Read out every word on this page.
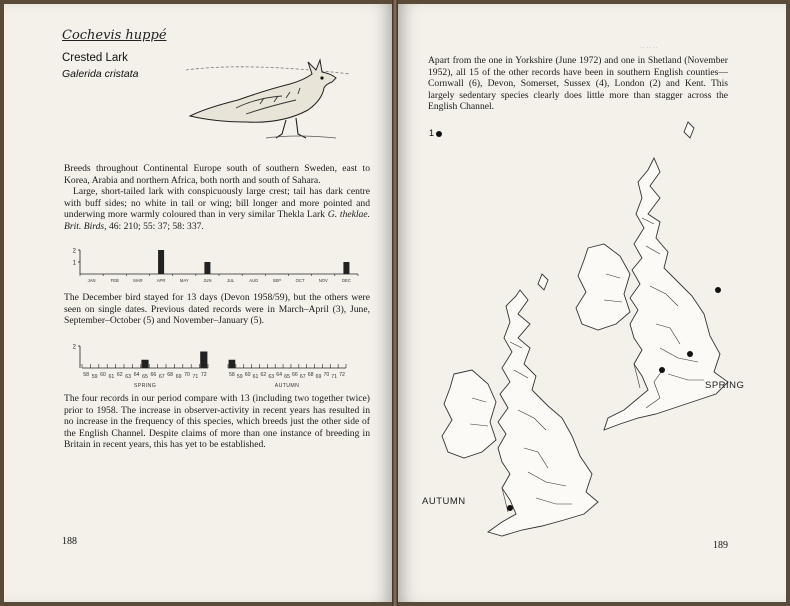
Cochevis huppé
Crested Lark
Galerida cristata

Breeds throughout Continental Europe south of southern Sweden, east to Korea, Arabia and northern Africa, both north and south of Sahara.

Large, short-tailed lark with conspicuously large crest; tail has dark centre with buff sides; no white in tail or wing; bill longer and more pointed and underwing more warmly coloured than in very similar Thekla Lark G. theklae. Brit. Birds, 46: 210; 55: 37; 58: 337.

1
2
JAN	FEB	MAR	APR	MAY	JUN	JUL	AUG	SEP	OCT	NOV	DEC
The December bird stayed for 13 days (Devon 1958/59), but the others were seen on single dates. Previous dated records were in March–April (3), June, September–October (5) and November–January (5).
2
58 59 60 61 62 63 64 65 66 67 68 69 70 71 72
SPRING
58 59 60 61 62 63 64 65 66 67 68 69 70 71 72
AUTUMN
The four records in our period compare with 13 (including two together twice) prior to 1958. The increase in observer-activity in recent years has resulted in no increase in the frequency of this species, which breeds just the other side of the English Channel. Despite claims of more than one instance of breeding in Britain in recent years, this has yet to be established.
188
·· ·· ··
Apart from the one in Yorkshire (June 1972) and one in Shetland (November 1952), all 15 of the other records have been in southern English counties—Cornwall (6), Devon, Somerset, Sussex (4), London (2) and Kent. This largely sedentary species clearly does little more than stagger across the English Channel.
1
SPRING
AUTUMN
189
